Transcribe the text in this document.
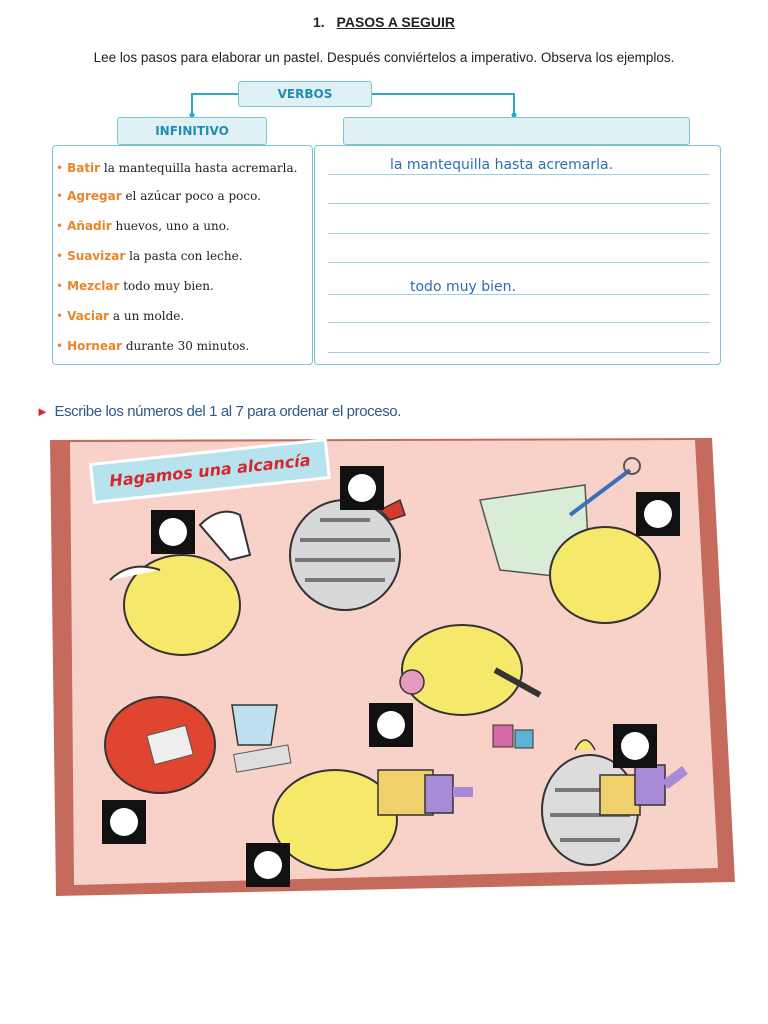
1. PASOS A SEGUIR
Lee los pasos para elaborar un pastel. Después conviértelos a imperativo. Observa los ejemplos.
VERBOS
INFINITIVO
• Batir la mantequilla hasta acremarla.
• Agregar el azúcar poco a poco.
• Añadir huevos, uno a uno.
• Suavizar la pasta con leche.
• Mezclar todo muy bien.
• Vaciar a un molde.
• Hornear durante 30 minutos.
la mantequilla hasta acremarla.
todo muy bien.
► Escribe los números del 1 al 7 para ordenar el proceso.
Hagamos una alcancía
